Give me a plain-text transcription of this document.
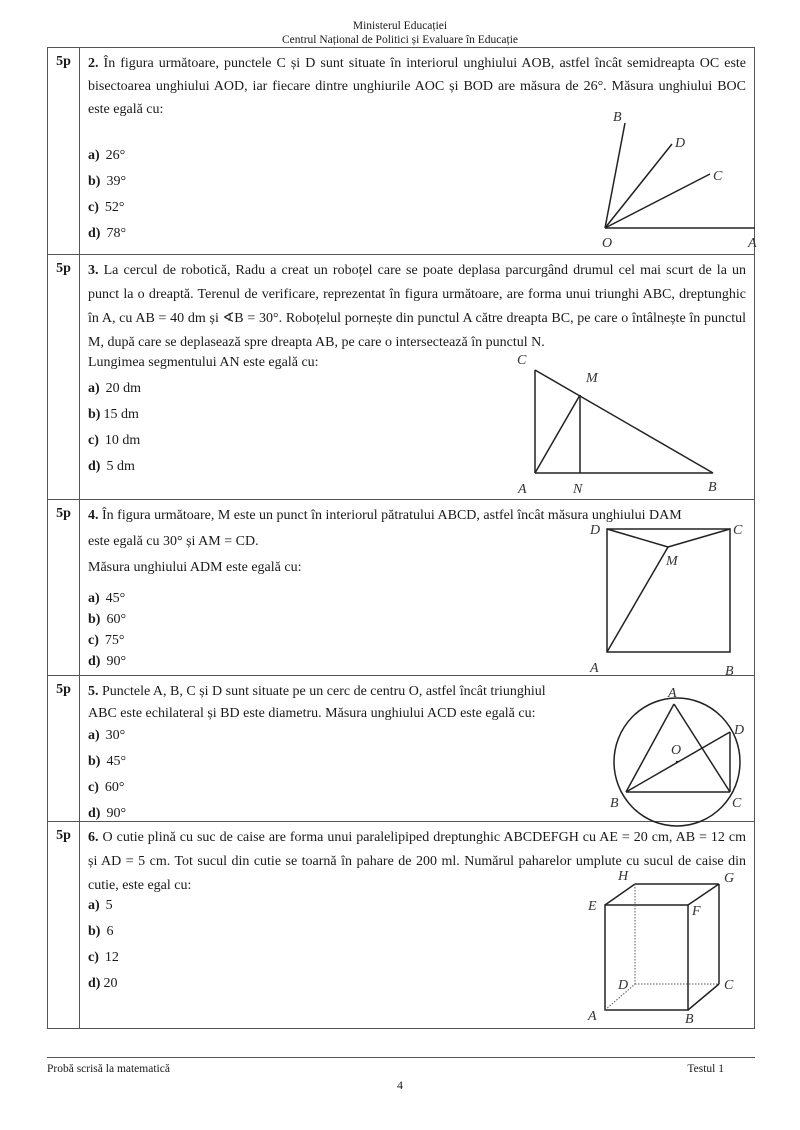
Ministerul Educației
Centrul Național de Politici și Evaluare în Educație
5p	2. În figura următoare, punctele C și D sunt situate în interiorul unghiului AOB, astfel încât semidreapta OC este bisectoarea unghiului AOD, iar fiecare dintre unghiurile AOC și BOD are măsura de 26°. Măsura unghiului BOC este egală cu:
a) 26°
b) 39°
c) 52°
d) 78°
O	A
B
D
C
5p	3. La cercul de robotică, Radu a creat un roboțel care se poate deplasa parcurgând drumul cel mai scurt de la un punct la o dreaptă. Terenul de verificare, reprezentat în figura următoare, are forma unui triunghi ABC, dreptunghic în A, cu AB = 40 dm și ∢B = 30°. Roboțelul pornește din punctul A către dreapta BC, pe care o întâlnește în punctul M, după care se deplasează spre dreapta AB, pe care o intersectează în punctul N.
Lungimea segmentului AN este egală cu:
a) 20 dm
b) 15 dm
c) 10 dm
d) 5 dm
C
M
A	N	B
5p	4. În figura următoare, M este un punct în interiorul pătratului ABCD, astfel încât măsura unghiului DAM
este egală cu 30° și AM = CD.
Măsura unghiului ADM este egală cu:
a) 45°
b) 60°
c) 75°
d) 90°
D	C
M
A	B
5p	5. Punctele A, B, C și D sunt situate pe un cerc de centru O, astfel încât triunghiul
ABC este echilateral și BD este diametru. Măsura unghiului ACD este egală cu:
a) 30°
b) 45°
c) 60°
d) 90°
A
D
O
B	C
5p	6. O cutie plină cu suc de caise are forma unui paralelipiped dreptunghic ABCDEFGH cu AE = 20 cm, AB = 12 cm și AD = 5 cm. Tot sucul din cutie se toarnă în pahare de 200 ml. Numărul paharelor umplute cu sucul de caise din cutie, este egal cu:
a) 5
b) 6
c) 12
d) 20
H	G
E	F
D	C
A	B
Probă scrisă la matematică	Testul 1
4
